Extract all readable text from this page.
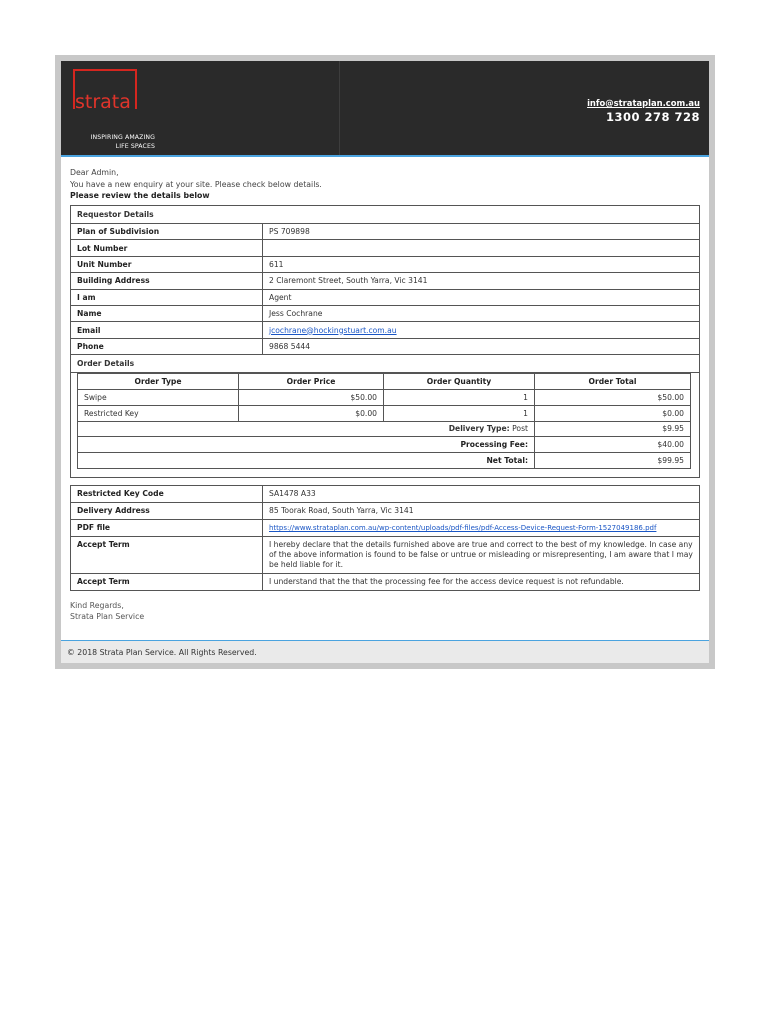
strata
INSPIRING AMAZING
LIFE SPACES
info@strataplan.com.au
1300 278 728
Dear Admin,
You have a new enquiry at your site. Please check below details.
Please review the details below
Requestor Details
Plan of Subdivision	PS 709898
Lot Number	
Unit Number	611
Building Address	2 Claremont Street, South Yarra, Vic 3141
I am	Agent
Name	Jess Cochrane
Email	jcochrane@hockingstuart.com.au
Phone	9868 5444
Order Details

Order Type	Order Price	Order Quantity	Order Total
Swipe	$50.00	1	$50.00
Restricted Key	$0.00	1	$0.00
Delivery Type: Post	$9.95
Processing Fee:	$40.00
Net Total:	$99.95
Restricted Key Code	SA1478 A33
Delivery Address	85 Toorak Road, South Yarra, Vic 3141
PDF file	https://www.strataplan.com.au/wp-content/uploads/pdf-files/pdf-Access-Device-Request-Form-1527049186.pdf
Accept Term	I hereby declare that the details furnished above are true and correct to the best of my knowledge. In case any of the above information is found to be false or untrue or misleading or misrepresenting, I am aware that I may be held liable for it.
Accept Term	I understand that the that the processing fee for the access device request is not refundable.
Kind Regards,
Strata Plan Service
© 2018 Strata Plan Service. All Rights Reserved.
